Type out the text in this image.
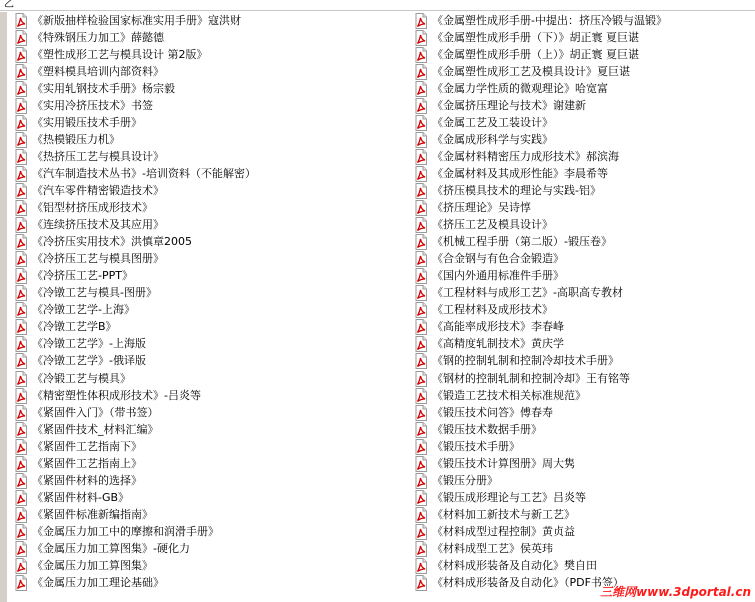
乙
《新版抽样检验国家标准实用手册》寇洪财
《特殊钢压力加工》薛懿德
《塑性成形工艺与模具设计 第2版》
《塑料模具培训内部资料》
《实用轧钢技术手册》杨宗毅
《实用冷挤压技术》书签
《实用锻压技术手册》
《热模锻压力机》
《热挤压工艺与模具设计》
《汽车制造技术丛书》-培训资料（不能解密）
《汽车零件精密锻造技术》
《铝型材挤压成形技术》
《连续挤压技术及其应用》
《冷挤压实用技术》洪慎章2005
《冷挤压工艺与模具图册》
《冷挤压工艺-PPT》
《冷镦工艺与模具-图册》
《冷镦工艺学-上海》
《冷镦工艺学B》
《冷镦工艺学》-上海版
《冷镦工艺学》-俄译版
《冷锻工艺与模具》
《精密塑性体积成形技术》-吕炎等
《紧固件入门》（带书签）
《紧固件技术_材料汇编》
《紧固件工艺指南下》
《紧固件工艺指南上》
《紧固件材料的选择》
《紧固件材料-GB》
《紧固件标准新编指南》
《金属压力加工中的摩擦和润滑手册》
《金属压力加工算图集》-硬化力
《金属压力加工算图集》
《金属压力加工理论基础》
《金属塑性成形手册-中提出：挤压冷锻与温锻》
《金属塑性成形手册（下）》胡正寰 夏巨谌
《金属塑性成形手册（上）》胡正寰 夏巨谌
《金属塑性成形工艺及模具设计》夏巨谌
《金属力学性质的微观理论》哈宽富
《金属挤压理论与技术》谢建新
《金属工艺及工装设计》
《金属成形科学与实践》
《金属材料精密压力成形技术》郝滨海
《金属材料及其成形性能》李晨希等
《挤压模具技术的理论与实践-铝》
《挤压理论》吴诗惇
《挤压工艺及模具设计》
《机械工程手册（第二版）-锻压卷》
《合金钢与有色合金锻造》
《国内外通用标准件手册》
《工程材料与成形工艺》-高职高专教材
《工程材料及成形技术》
《高能率成形技术》李春峰
《高精度轧制技术》黄庆学
《钢的控制轧制和控制冷却技术手册》
《钢材的控制轧制和控制冷却》王有铭等
《锻造工艺技术相关标准规范》
《锻压技术问答》傅春寿
《锻压技术数据手册》
《锻压技术手册》
《锻压技术计算图册》周大隽
《锻压分册》
《锻压成形理论与工艺》吕炎等
《材料加工新技术与新工艺》
《材料成型过程控制》黄贞益
《材料成型工艺》侯英玮
《材料成形装备及自动化》樊自田
《材料成形装备及自动化》（PDF书签）
三维网www.3dportal.cn
